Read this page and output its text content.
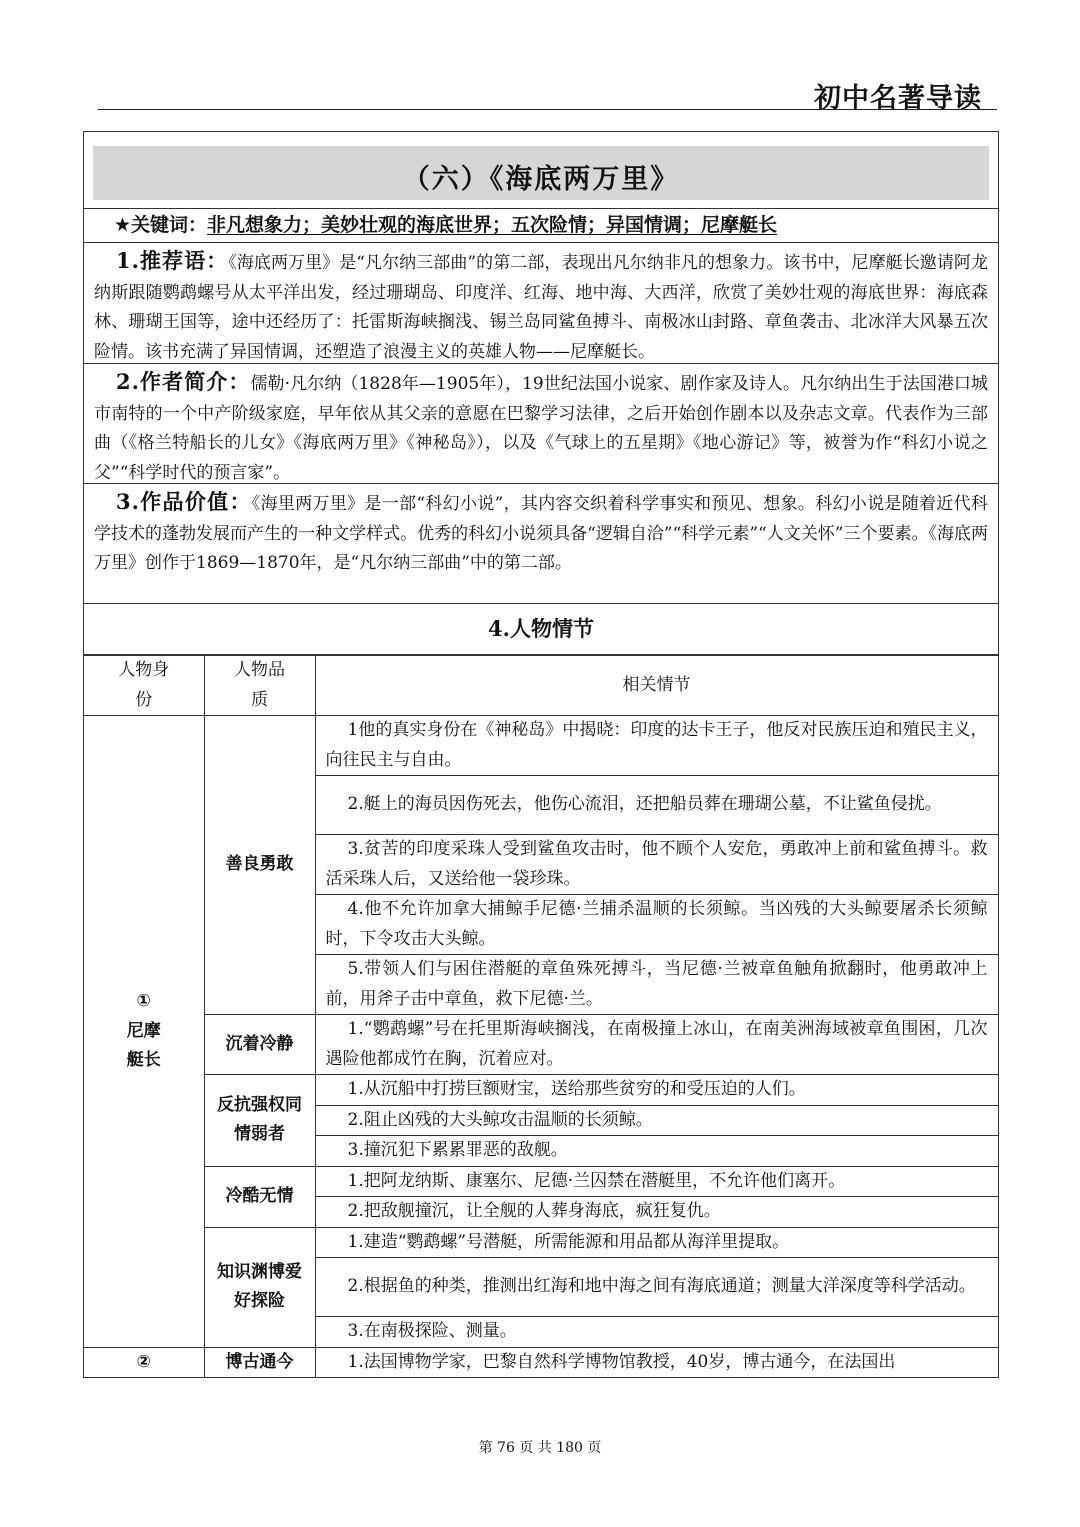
初中名著导读
（六）《海底两万里》
★关键词：非凡想象力；美妙壮观的海底世界；五次险情；异国情调；尼摩艇长
1.推荐语：《海底两万里》是“凡尔纳三部曲”的第二部，表现出凡尔纳非凡的想象力。该书中，尼摩艇长邀请阿龙纳斯跟随鹦鹉螺号从太平洋出发，经过珊瑚岛、印度洋、红海、地中海、大西洋，欣赏了美妙壮观的海底世界：海底森林、珊瑚王国等，途中还经历了：托雷斯海峡搁浅、锡兰岛同鲨鱼搏斗、南极冰山封路、章鱼袭击、北冰洋大风暴五次险情。该书充满了异国情调，还塑造了浪漫主义的英雄人物——尼摩艇长。
2.作者简介：儒勒·凡尔纳（1828年—1905年），19世纪法国小说家、剧作家及诗人。凡尔纳出生于法国港口城市南特的一个中产阶级家庭，早年依从其父亲的意愿在巴黎学习法律，之后开始创作剧本以及杂志文章。代表作为三部曲（《格兰特船长的儿女》《海底两万里》《神秘岛》），以及《气球上的五星期》《地心游记》等，被誉为作“科幻小说之父”“科学时代的预言家”。
3.作品价值：《海里两万里》是一部“科幻小说”，其内容交织着科学事实和预见、想象。科幻小说是随着近代科学技术的蓬勃发展而产生的一种文学样式。优秀的科幻小说须具备“逻辑自洽”“科学元素”“人文关怀”三个要素。《海底两万里》创作于1869—1870年，是“凡尔纳三部曲”中的第二部。
4.人物情节
人物身份	人物品质	相关情节

①
尼摩艇长	善良勇敢	1他的真实身份在《神秘岛》中揭晓：印度的达卡王子，他反对民族压迫和殖民主义，向往民主与自由。
		2.艇上的海员因伤死去，他伤心流泪，还把船员葬在珊瑚公墓，不让鲨鱼侵扰。
		3.贫苦的印度采珠人受到鲨鱼攻击时，他不顾个人安危，勇敢冲上前和鲨鱼搏斗。救活采珠人后，又送给他一袋珍珠。
		4.他不允许加拿大捕鲸手尼德·兰捕杀温顺的长须鲸。当凶残的大头鲸要屠杀长须鲸时，下令攻击大头鲸。
		5.带领人们与困住潜艇的章鱼殊死搏斗，当尼德·兰被章鱼触角掀翻时，他勇敢冲上前，用斧子击中章鱼，救下尼德·兰。
	沉着冷静	1.“鹦鹉螺”号在托里斯海峡搁浅，在南极撞上冰山，在南美洲海域被章鱼围困，几次遇险他都成竹在胸，沉着应对。

	反抗强权同情弱者	1.从沉船中打捞巨额财宝，送给那些贫穷的和受压迫的人们。
		2.阻止凶残的大头鲸攻击温顺的长须鲸。
		3.撞沉犯下累累罪恶的敌舰。
	冷酷无情	1.把阿龙纳斯、康塞尔、尼德·兰囚禁在潜艇里，不允许他们离开。
		2.把敌舰撞沉，让全舰的人葬身海底，疯狂复仇。

	知识渊博爱好探险	1.建造“鹦鹉螺”号潜艇，所需能源和用品都从海洋里提取。
		2.根据鱼的种类，推测出红海和地中海之间有海底通道；测量大洋深度等科学活动。
		3.在南极探险、测量。
②	博古通今	1.法国博物学家，巴黎自然科学博物馆教授，40岁，博古通今，在法国出
第 76 页 共 180 页
